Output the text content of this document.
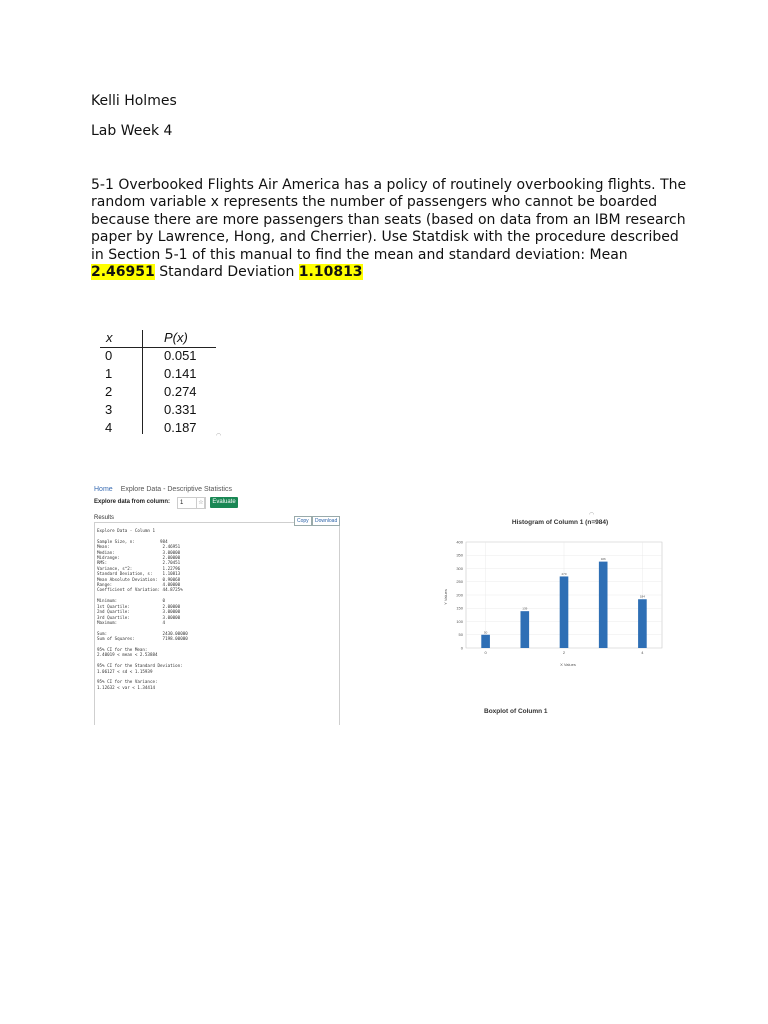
Kelli Holmes
Lab Week 4
5-1 Overbooked Flights Air America has a policy of routinely overbooking flights. The random variable x represents the number of passengers who cannot be boarded because there are more passengers than seats (based on data from an IBM research paper by Lawrence, Hong, and Cherrier). Use Statdisk with the procedure described in Section 5-1 of this manual to find the mean and standard deviation: Mean 2.46951 Standard Deviation 1.10813
x	P(x)
0	0.051
1	0.141
2	0.274
3	0.331
4	0.187
◠
Home Explore Data - Descriptive Statistics
Explore data from column:	1	☆	Evaluate
Results	Copy	Download
Explore Data - Column 1

Sample Size, n:          984
Mean:                     2.46951
Median:                   3.00000
Midrange:                 2.00000
RMS:                      2.70451
Variance, s^2:            1.22796
Standard Deviation, s:    1.10813
Mean Absolute Deviation:  0.90068
Range:                    4.00000
Coefficient of Variation: 44.8725%

Minimum:                  0
1st Quartile:             2.00000
2nd Quartile:             3.00000
3rd Quartile:             3.00000
Maximum:                  4

Sum:                      2430.00000
Sum of Squares:           7198.00000

95% CI for the Mean:
2.40019 < mean < 2.53884

95% CI for the Standard Deviation:
1.06127 < sd < 1.15939

95% CI for the Variance:
1.12632 < var < 1.34414
Histogram of Column 1 (n=984)
0
50
100
150
200
250
300
350
400
0	2	4
50
139
270
326
184
X Values
Y Values
◠
Boxplot of Column 1
